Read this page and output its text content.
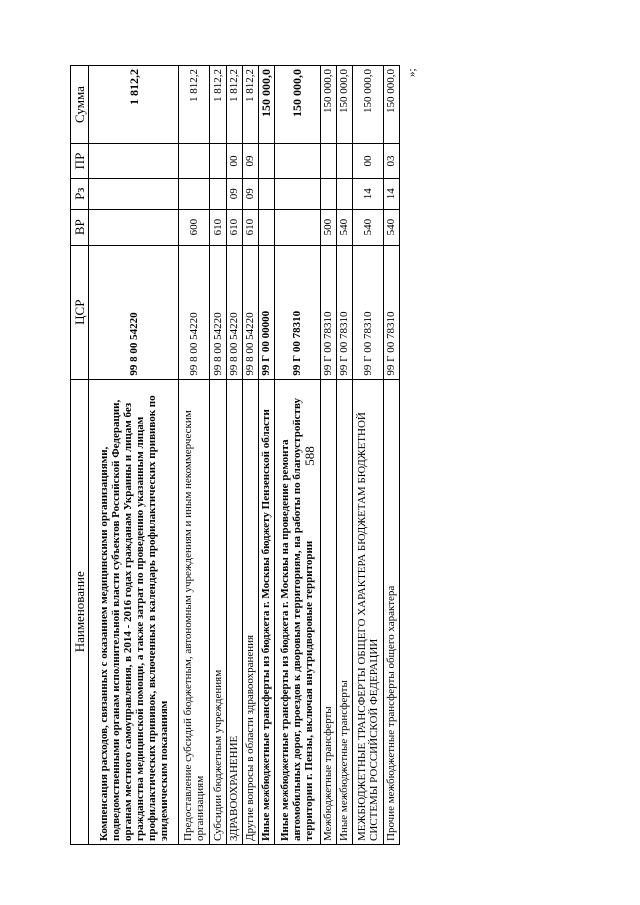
588
»;
Наименование	ЦСР	ВР	Рз	ПР	Сумма
Компенсация расходов, связанных с оказанием медицинскими организациями, подведомственными органам исполнительной власти субъектов Российской Федерации, органам местного самоуправления, в 2014 - 2016 годах гражданам Украины и лицам без гражданства медицинской помощи, а также затрат по проведению указанным лицам профилактических прививок, включенных в календарь профилактических прививок по эпидемическим показаниям	99 8 00 54220				1 812,2
Предоставление субсидий бюджетным, автономным учреждениям и иным некоммерческим организациям	99 8 00 54220	600			1 812,2
Субсидии бюджетным учреждениям	99 8 00 54220	610			1 812,2
ЗДРАВООХРАНЕНИЕ	99 8 00 54220	610	09	00	1 812,2
Другие вопросы в области здравоохранения	99 8 00 54220	610	09	09	1 812,2
Иные межбюджетные трансферты из бюджета г. Москвы бюджету Пензенской области	99 Г 00 00000				150 000,0
Иные межбюджетные трансферты из бюджета г. Москвы на проведение ремонта автомобильных дорог, проездов к дворовым территориям, на работы по благоустройству территории г. Пензы, включая внутридворовые территории	99 Г 00 78310				150 000,0
Межбюджетные трансферты	99 Г 00 78310	500			150 000,0
Иные межбюджетные трансферты	99 Г 00 78310	540			150 000,0
МЕЖБЮДЖЕТНЫЕ ТРАНСФЕРТЫ ОБЩЕГО ХАРАКТЕРА БЮДЖЕТАМ БЮДЖЕТНОЙ СИСТЕМЫ РОССИЙСКОЙ ФЕДЕРАЦИИ	99 Г 00 78310	540	14	00	150 000,0
Прочие межбюджетные трансферты общего характера	99 Г 00 78310	540	14	03	150 000,0
